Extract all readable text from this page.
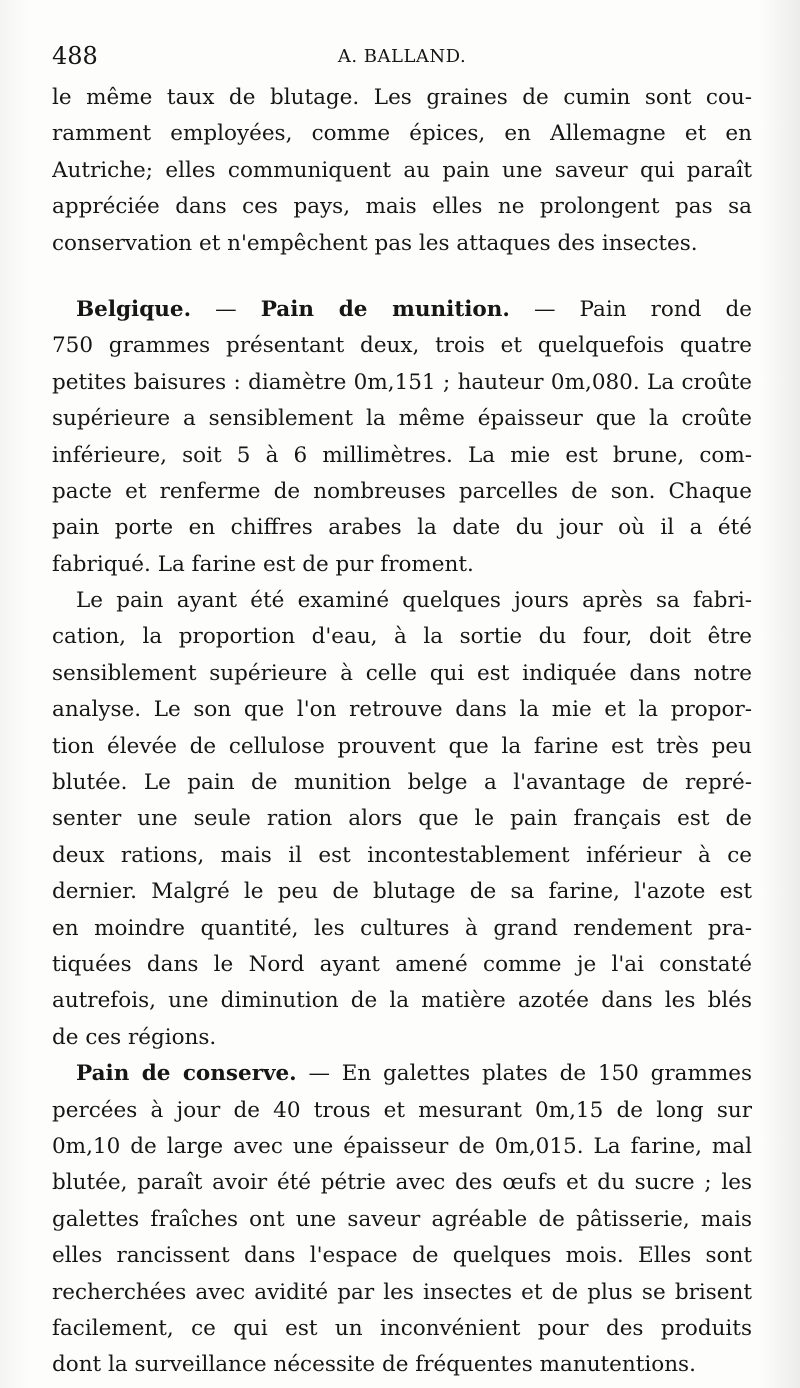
488	A. BALLAND.
le même taux de blutage. Les graines de cumin sont cou-
ramment employées, comme épices, en Allemagne et en
Autriche; elles communiquent au pain une saveur qui paraît
appréciée dans ces pays, mais elles ne prolongent pas sa
conservation et n'empêchent pas les attaques des insectes.
Belgique. — Pain de munition. — Pain rond de
750 grammes présentant deux, trois et quelquefois quatre
petites baisures : diamètre 0m,151 ; hauteur 0m,080. La croûte
supérieure a sensiblement la même épaisseur que la croûte
inférieure, soit 5 à 6 millimètres. La mie est brune, com-
pacte et renferme de nombreuses parcelles de son. Chaque
pain porte en chiffres arabes la date du jour où il a été
fabriqué. La farine est de pur froment.
Le pain ayant été examiné quelques jours après sa fabri-
cation, la proportion d'eau, à la sortie du four, doit être
sensiblement supérieure à celle qui est indiquée dans notre
analyse. Le son que l'on retrouve dans la mie et la propor-
tion élevée de cellulose prouvent que la farine est très peu
blutée. Le pain de munition belge a l'avantage de repré-
senter une seule ration alors que le pain français est de
deux rations, mais il est incontestablement inférieur à ce
dernier. Malgré le peu de blutage de sa farine, l'azote est
en moindre quantité, les cultures à grand rendement pra-
tiquées dans le Nord ayant amené comme je l'ai constaté
autrefois, une diminution de la matière azotée dans les blés
de ces régions.
Pain de conserve. — En galettes plates de 150 grammes
percées à jour de 40 trous et mesurant 0m,15 de long sur
0m,10 de large avec une épaisseur de 0m,015. La farine, mal
blutée, paraît avoir été pétrie avec des œufs et du sucre ; les
galettes fraîches ont une saveur agréable de pâtisserie, mais
elles rancissent dans l'espace de quelques mois. Elles sont
recherchées avec avidité par les insectes et de plus se brisent
facilement, ce qui est un inconvénient pour des produits
dont la surveillance nécessite de fréquentes manutentions.
